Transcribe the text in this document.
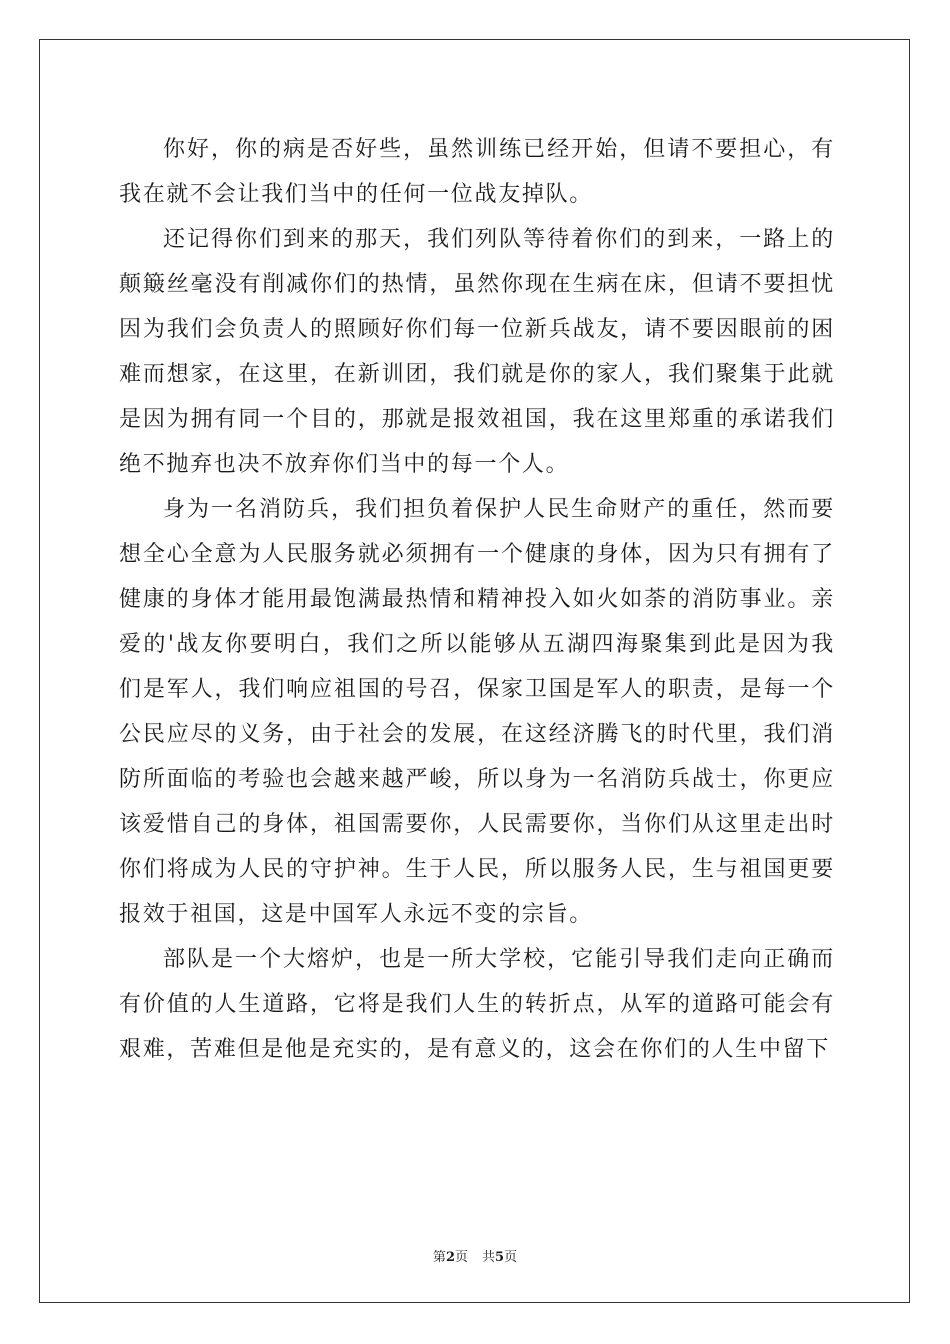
你好，你的病是否好些，虽然训练已经开始，但请不要担心，有我在就不会让我们当中的任何一位战友掉队。

还记得你们到来的那天，我们列队等待着你们的到来，一路上的颠簸丝毫没有削减你们的热情，虽然你现在生病在床，但请不要担忧因为我们会负责人的照顾好你们每一位新兵战友，请不要因眼前的困难而想家，在这里，在新训团，我们就是你的家人，我们聚集于此就是因为拥有同一个目的，那就是报效祖国，我在这里郑重的承诺我们绝不抛弃也决不放弃你们当中的每一个人。

身为一名消防兵，我们担负着保护人民生命财产的重任，然而要想全心全意为人民服务就必须拥有一个健康的身体，因为只有拥有了健康的身体才能用最饱满最热情和精神投入如火如荼的消防事业。亲爱的'战友你要明白，我们之所以能够从五湖四海聚集到此是因为我们是军人，我们响应祖国的号召，保家卫国是军人的职责，是每一个公民应尽的义务，由于社会的发展，在这经济腾飞的时代里，我们消防所面临的考验也会越来越严峻，所以身为一名消防兵战士，你更应该爱惜自己的身体，祖国需要你，人民需要你，当你们从这里走出时你们将成为人民的守护神。生于人民，所以服务人民，生与祖国更要报效于祖国，这是中国军人永远不变的宗旨。

部队是一个大熔炉，也是一所大学校，它能引导我们走向正确而有价值的人生道路，它将是我们人生的转折点，从军的道路可能会有艰难，苦难但是他是充实的，是有意义的，这会在你们的人生中留下

第2页 共5页
